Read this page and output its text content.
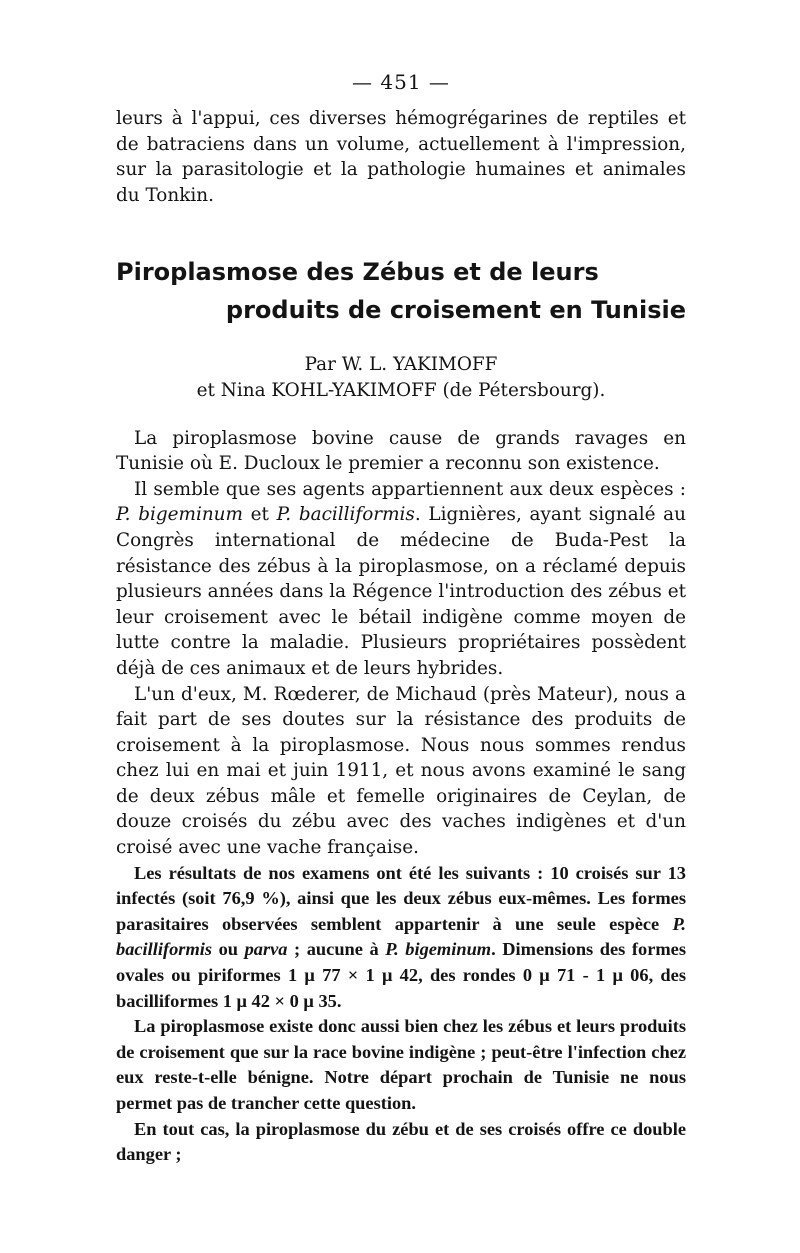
— 451 —

leurs à l'appui, ces diverses hémogrégarines de reptiles et de batraciens dans un volume, actuellement à l'impression, sur la parasitologie et la pathologie humaines et animales du Tonkin.

Piroplasmose des Zébus et de leurs
produits de croisement en Tunisie
Par W. L. YAKIMOFF
et Nina KOHL-YAKIMOFF (de Pétersbourg).

La piroplasmose bovine cause de grands ravages en Tunisie où E. Ducloux le premier a reconnu son existence.

Il semble que ses agents appartiennent aux deux espèces : P. bigeminum et P. bacilliformis. Lignières, ayant signalé au Congrès international de médecine de Buda-Pest la résistance des zébus à la piroplasmose, on a réclamé depuis plusieurs années dans la Régence l'introduction des zébus et leur croisement avec le bétail indigène comme moyen de lutte contre la maladie. Plusieurs propriétaires possèdent déjà de ces animaux et de leurs hybrides.

L'un d'eux, M. Rœderer, de Michaud (près Mateur), nous a fait part de ses doutes sur la résistance des produits de croisement à la piroplasmose. Nous nous sommes rendus chez lui en mai et juin 1911, et nous avons examiné le sang de deux zébus mâle et femelle originaires de Ceylan, de douze croisés du zébu avec des vaches indigènes et d'un croisé avec une vache française.

Les résultats de nos examens ont été les suivants : 10 croisés sur 13 infectés (soit 76,9 %), ainsi que les deux zébus eux-mêmes. Les formes parasitaires observées semblent appartenir à une seule espèce P. bacilliformis ou parva ; aucune à P. bigeminum. Dimensions des formes ovales ou piriformes 1 μ 77 × 1 μ 42, des rondes 0 μ 71 - 1 μ 06, des bacilliformes 1 μ 42 × 0 μ 35.

La piroplasmose existe donc aussi bien chez les zébus et leurs produits de croisement que sur la race bovine indigène ; peut-être l'infection chez eux reste-t-elle bénigne. Notre départ prochain de Tunisie ne nous permet pas de trancher cette question.

En tout cas, la piroplasmose du zébu et de ses croisés offre ce double danger ;
